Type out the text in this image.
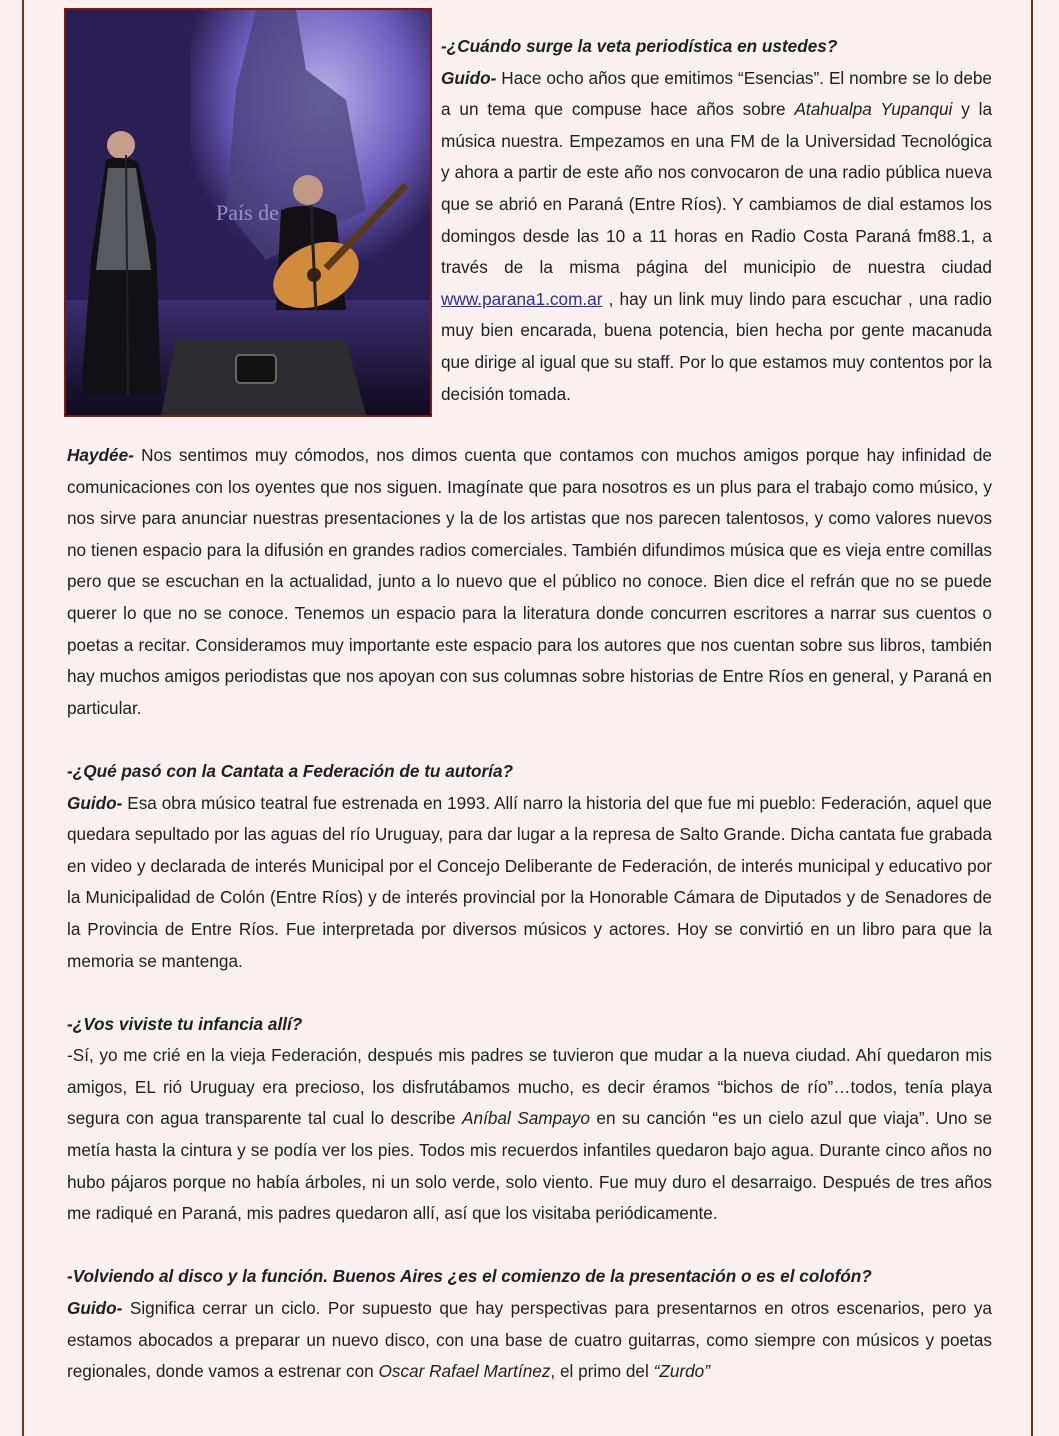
País de

-¿Cuándo surge la veta periodística en ustedes?
Guido- Hace ocho años que emitimos “Esencias”. El nombre se lo debe a un tema que compuse hace años sobre Atahualpa Yupanqui y la música nuestra. Empezamos en una FM de la Universidad Tecnológica y ahora a partir de este año nos convocaron de una radio pública nueva que se abrió en Paraná (Entre Ríos). Y cambiamos de dial estamos los domingos desde las 10 a 11 horas en Radio Costa Paraná fm88.1, a través de la misma página del municipio de nuestra ciudad www.parana1.com.ar , hay un link muy lindo para escuchar , una radio muy bien encarada, buena potencia, bien hecha por gente macanuda que dirige al igual que su staff. Por lo que estamos muy contentos por la decisión tomada.

Haydée- Nos sentimos muy cómodos, nos dimos cuenta que contamos con muchos amigos porque hay infinidad de comunicaciones con los oyentes que nos siguen. Imagínate que para nosotros es un plus para el trabajo como músico, y nos sirve para anunciar nuestras presentaciones y la de los artistas que nos parecen talentosos, y como valores nuevos no tienen espacio para la difusión en grandes radios comerciales. También difundimos música que es vieja entre comillas pero que se escuchan en la actualidad, junto a lo nuevo que el público no conoce. Bien dice el refrán que no se puede querer lo que no se conoce. Tenemos un espacio para la literatura donde concurren escritores a narrar sus cuentos o poetas a recitar. Consideramos muy importante este espacio para los autores que nos cuentan sobre sus libros, también hay muchos amigos periodistas que nos apoyan con sus columnas sobre historias de Entre Ríos en general, y Paraná en particular.

-¿Qué pasó con la Cantata a Federación de tu autoría?
Guido- Esa obra músico teatral fue estrenada en 1993. Allí narro la historia del que fue mi pueblo: Federación, aquel que quedara sepultado por las aguas del río Uruguay, para dar lugar a la represa de Salto Grande. Dicha cantata fue grabada en video y declarada de interés Municipal por el Concejo Deliberante de Federación, de interés municipal y educativo por la Municipalidad de Colón (Entre Ríos) y de interés provincial por la Honorable Cámara de Diputados y de Senadores de la Provincia de Entre Ríos. Fue interpretada por diversos músicos y actores. Hoy se convirtió en un libro para que la memoria se mantenga.

-¿Vos viviste tu infancia allí?
-Sí, yo me crié en la vieja Federación, después mis padres se tuvieron que mudar a la nueva ciudad. Ahí quedaron mis amigos, EL rió Uruguay era precioso, los disfrutábamos mucho, es decir éramos “bichos de río”…todos, tenía playa segura con agua transparente tal cual lo describe Aníbal Sampayo en su canción “es un cielo azul que viaja”. Uno se metía hasta la cintura y se podía ver los pies. Todos mis recuerdos infantiles quedaron bajo agua. Durante cinco años no hubo pájaros porque no había árboles, ni un solo verde, solo viento. Fue muy duro el desarraigo. Después de tres años me radiqué en Paraná, mis padres quedaron allí, así que los visitaba periódicamente.

-Volviendo al disco y la función. Buenos Aires ¿es el comienzo de la presentación o es el colofón?
Guido- Significa cerrar un ciclo. Por supuesto que hay perspectivas para presentarnos en otros escenarios, pero ya estamos abocados a preparar un nuevo disco, con una base de cuatro guitarras, como siempre con músicos y poetas regionales, donde vamos a estrenar con Oscar Rafael Martínez, el primo del “Zurdo”
